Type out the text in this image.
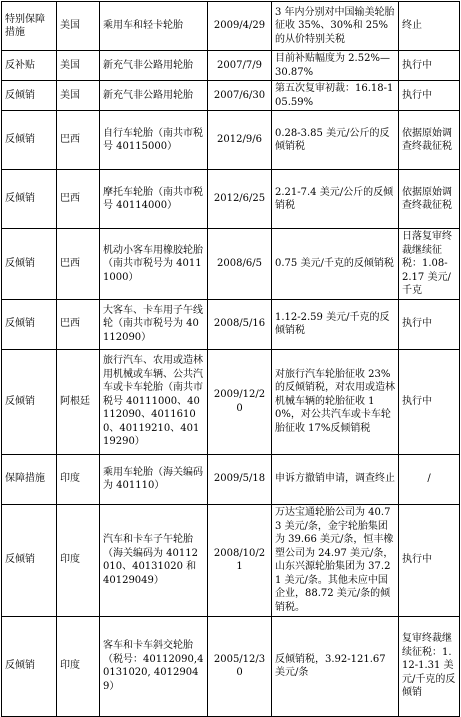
特别保障措施	美国	乘用车和轻卡轮胎	2009/4/29	3 年内分别对中国输美轮胎征收 35%、30%和 25%的从价特别关税	终止
反补贴	美国	新充气非公路用轮胎	2007/7/9	目前补贴幅度为 2.52%—30.87%	执行中
反倾销	美国	新充气非公路用轮胎	2007/6/30	第五次复审初裁：16.18-105.59%	执行中
反倾销	巴西	自行车轮胎（南共市税号 40115000）	2012/9/6	0.28-3.85 美元/公斤的反倾销税	依据原始调查终裁征税
反倾销	巴西	摩托车轮胎（南共市税号 40114000）	2012/6/25	2.21-7.4 美元/公斤的反倾销税	依据原始调查终裁征税
反倾销	巴西	机动小客车用橡胶轮胎（南共市税号为 40111000）	2008/6/5	0.75 美元/千克的反倾销税	日落复审终裁继续征税：1.08-2.17 美元/千克
反倾销	巴西	大客车、卡车用子午线轮（南共市税号为 40112090）	2008/5/16	1.12-2.59 美元/千克的反倾销税	执行中
反倾销	阿根廷	旅行汽车、农用或造林用机械或车辆、公共汽车或卡车轮胎（南共市税号 40111000、40112090、40116100、40119210、40119290）	2009/12/20	对旅行汽车轮胎征收 23%的反倾销税，对农用或造林机械车辆的轮胎征收 10%，对公共汽车或卡车轮胎征收 17%反倾销税	执行中
保障措施	印度	乘用车轮胎（海关编码为 401110）	2009/5/18	申诉方撤销申请，调查终止	/
反倾销	印度	汽车和卡车子午轮胎（海关编码为 40112010、40131020 和 40129049）	2008/10/21	万达宝通轮胎公司为 40.73 美元/条，金宇轮胎集团为 39.66 美元/条，恒丰橡塑公司为 24.97 美元/条，山东兴源轮胎集团为 37.21 美元/条。其他未应中国企业，88.72 美元/条的倾销税。	执行中
反倾销	印度	客车和卡车斜交轮胎（税号：40112090,40131020, 40129049）	2005/12/30	反倾销税，3.92-121.67 美元/条	复审终裁继续征税：1.12-1.31 美元/千克的反倾销
